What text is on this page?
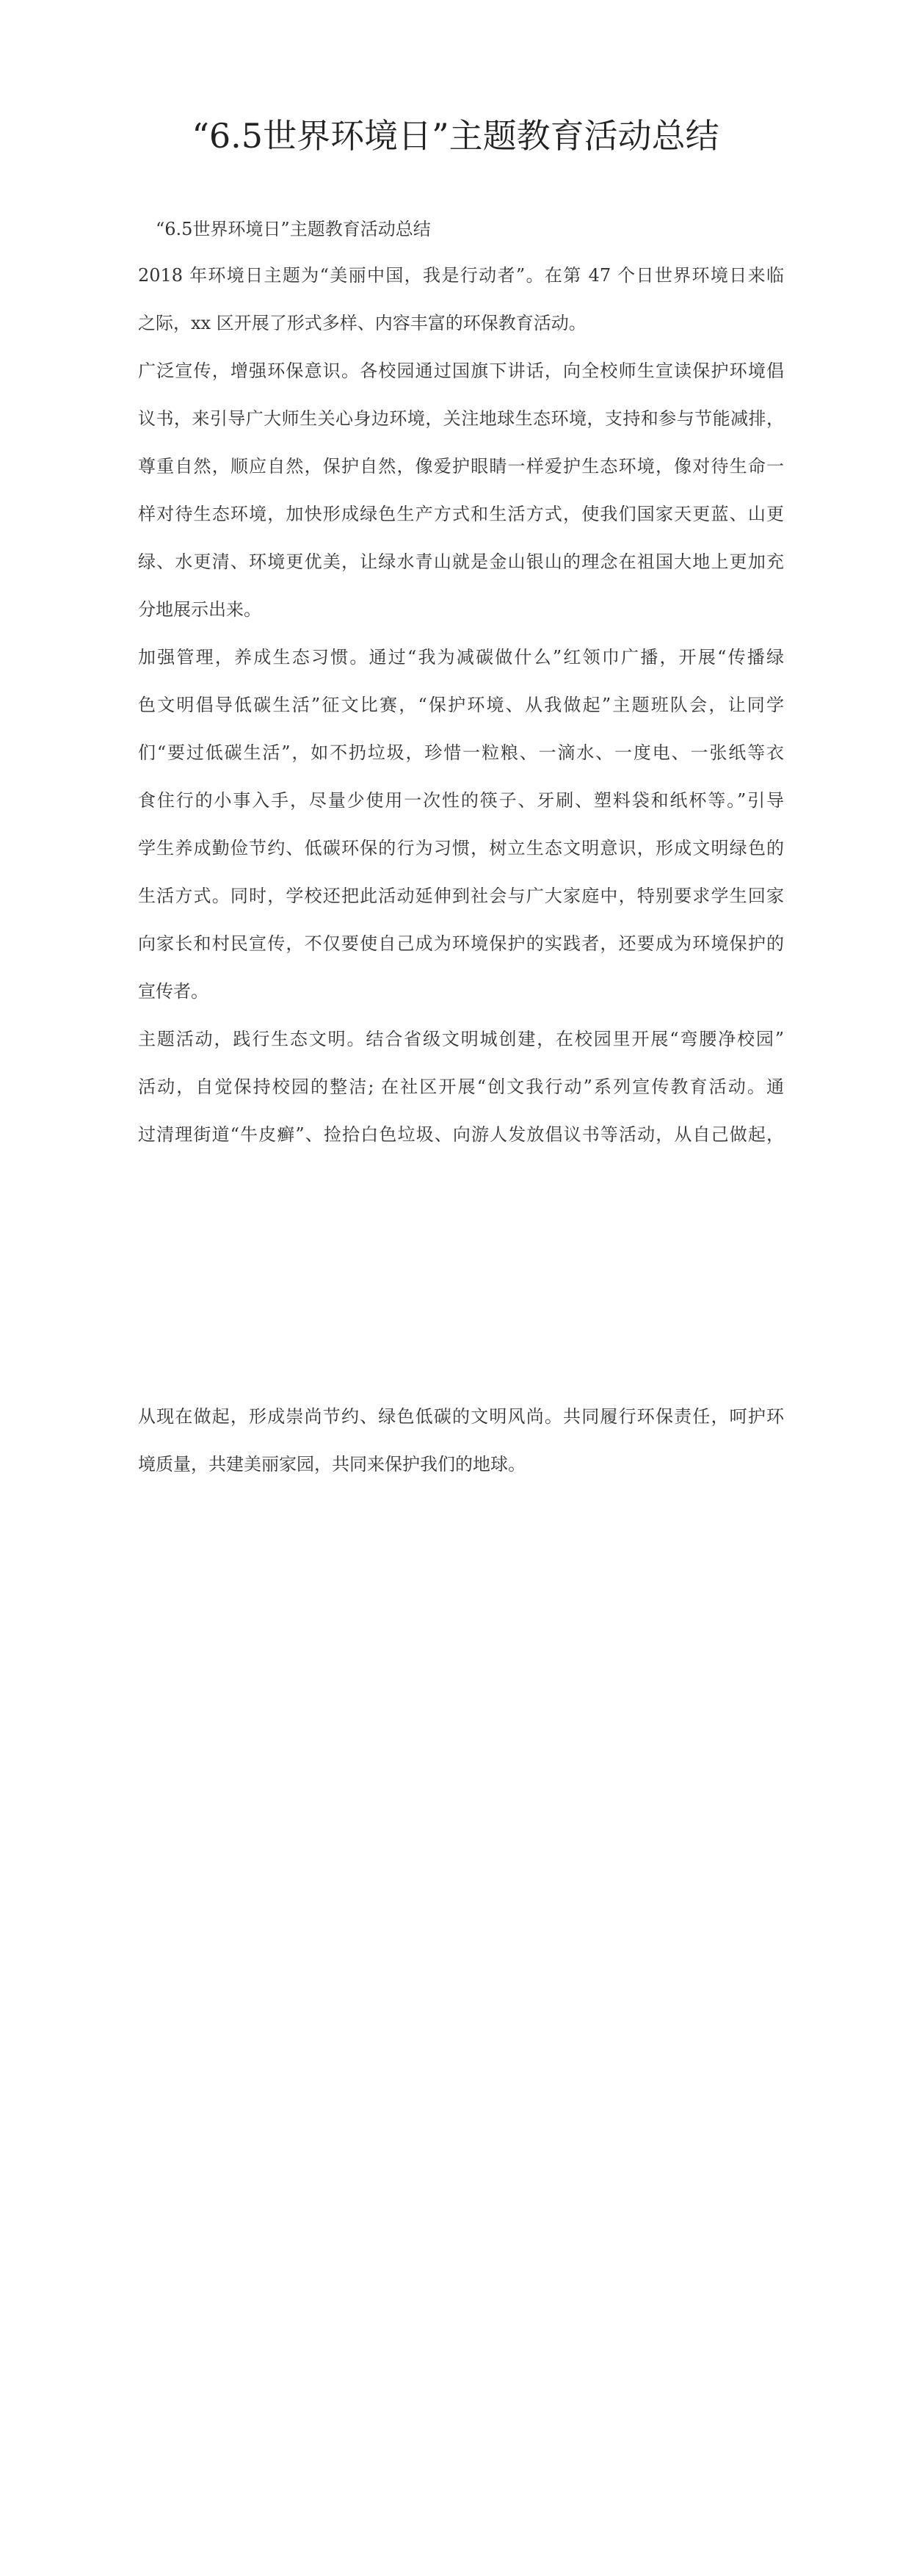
“6.5世界环境日”主题教育活动总结

“6.5世界环境日”主题教育活动总结

2018 年环境日主题为“美丽中国，我是行动者”。在第 47 个日世界环境日来临
之际，xx 区开展了形式多样、内容丰富的环保教育活动。
广泛宣传，增强环保意识。各校园通过国旗下讲话，向全校师生宣读保护环境倡
议书，来引导广大师生关心身边环境，关注地球生态环境，支持和参与节能减排，
尊重自然，顺应自然，保护自然，像爱护眼睛一样爱护生态环境，像对待生命一
样对待生态环境，加快形成绿色生产方式和生活方式，使我们国家天更蓝、山更
绿、水更清、环境更优美，让绿水青山就是金山银山的理念在祖国大地上更加充
分地展示出来。
加强管理，养成生态习惯。通过“我为减碳做什么”红领巾广播，开展“传播绿
色文明倡导低碳生活”征文比赛，“保护环境、从我做起”主题班队会，让同学
们“要过低碳生活”，如不扔垃圾，珍惜一粒粮、一滴水、一度电、一张纸等衣
食住行的小事入手，尽量少使用一次性的筷子、牙刷、塑料袋和纸杯等。”引导
学生养成勤俭节约、低碳环保的行为习惯，树立生态文明意识，形成文明绿色的
生活方式。同时，学校还把此活动延伸到社会与广大家庭中，特别要求学生回家
向家长和村民宣传，不仅要使自己成为环境保护的实践者，还要成为环境保护的
宣传者。
主题活动，践行生态文明。结合省级文明城创建，在校园里开展“弯腰净校园”
活动，自觉保持校园的整洁; 在社区开展“创文我行动”系列宣传教育活动。通
过清理街道“牛皮癣”、捡拾白色垃圾、向游人发放倡议书等活动，从自己做起，
从现在做起，形成崇尚节约、绿色低碳的文明风尚。共同履行环保责任，呵护环
境质量，共建美丽家园，共同来保护我们的地球。
